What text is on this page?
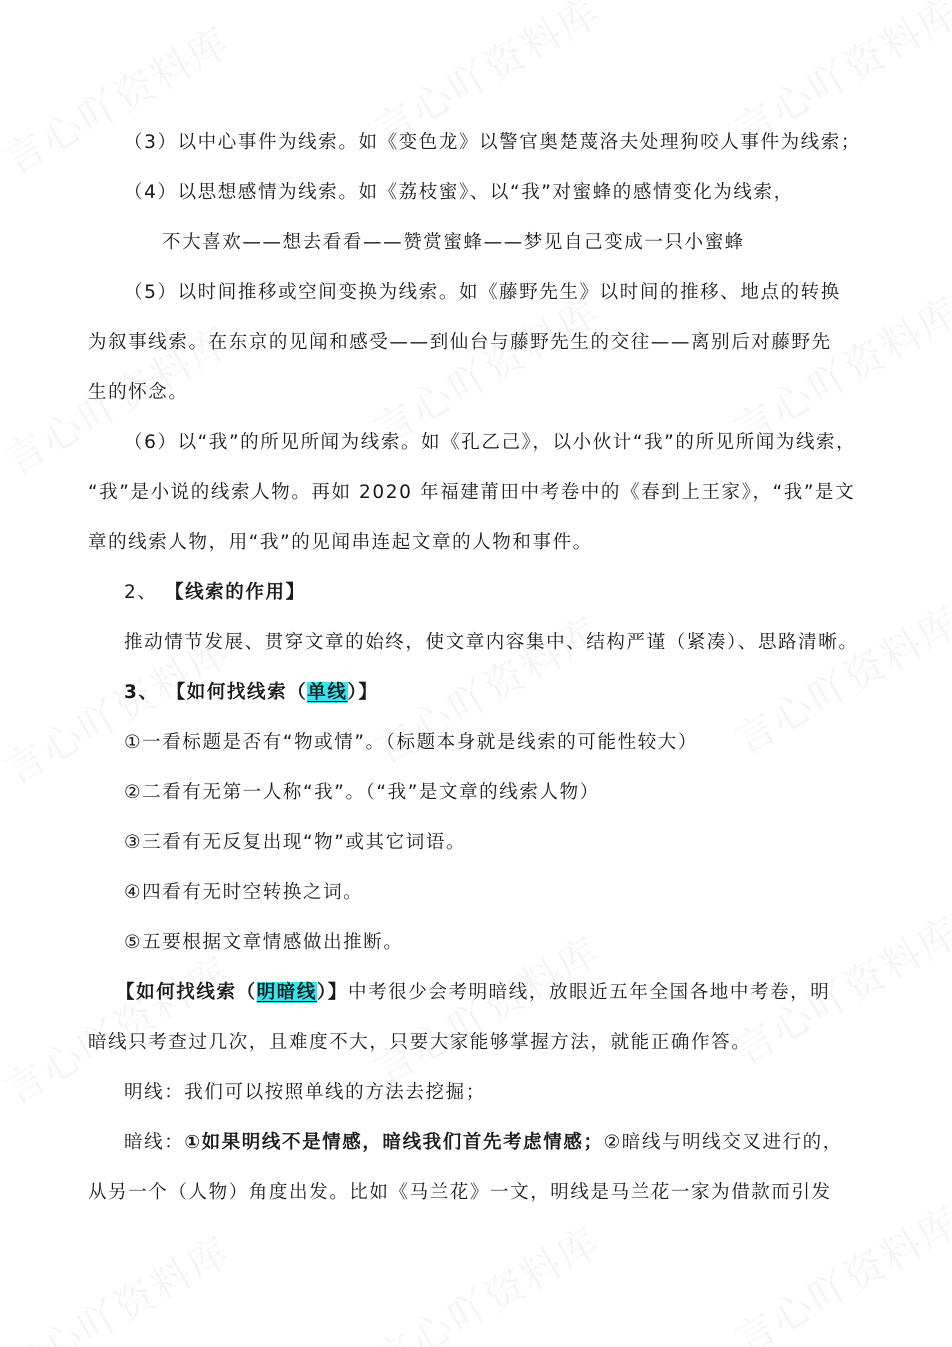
（3）以中心事件为线索。如《变色龙》以警官奥楚蔑洛夫处理狗咬人事件为线索；
（4）以思想感情为线索。如《荔枝蜜》、以“我”对蜜蜂的感情变化为线索，
不大喜欢——想去看看——赞赏蜜蜂——梦见自己变成一只小蜜蜂
（5）以时间推移或空间变换为线索。如《藤野先生》以时间的推移、地点的转换
为叙事线索。在东京的见闻和感受——到仙台与藤野先生的交往——离别后对藤野先
生的怀念。
（6）以“我”的所见所闻为线索。如《孔乙己》，以小伙计“我”的所见所闻为线索，
“我”是小说的线索人物。再如 2020 年福建莆田中考卷中的《春到上王家》，“我”是文
章的线索人物，用“我”的见闻串连起文章的人物和事件。
2、 【线索的作用】
推动情节发展、贯穿文章的始终，使文章内容集中、结构严谨（紧凑）、思路清晰。
3、 【如何找线索（单线）】
①一看标题是否有“物或情”。（标题本身就是线索的可能性较大）
②二看有无第一人称“我”。（“我”是文章的线索人物）
③三看有无反复出现“物”或其它词语。
④四看有无时空转换之词。
⑤五要根据文章情感做出推断。
【如何找线索（明暗线）】中考很少会考明暗线，放眼近五年全国各地中考卷，明
暗线只考查过几次，且难度不大，只要大家能够掌握方法，就能正确作答。
明线：我们可以按照单线的方法去挖掘；
暗线：①如果明线不是情感，暗线我们首先考虑情感；②暗线与明线交叉进行的，
从另一个（人物）角度出发。比如《马兰花》一文，明线是马兰花一家为借款而引发
